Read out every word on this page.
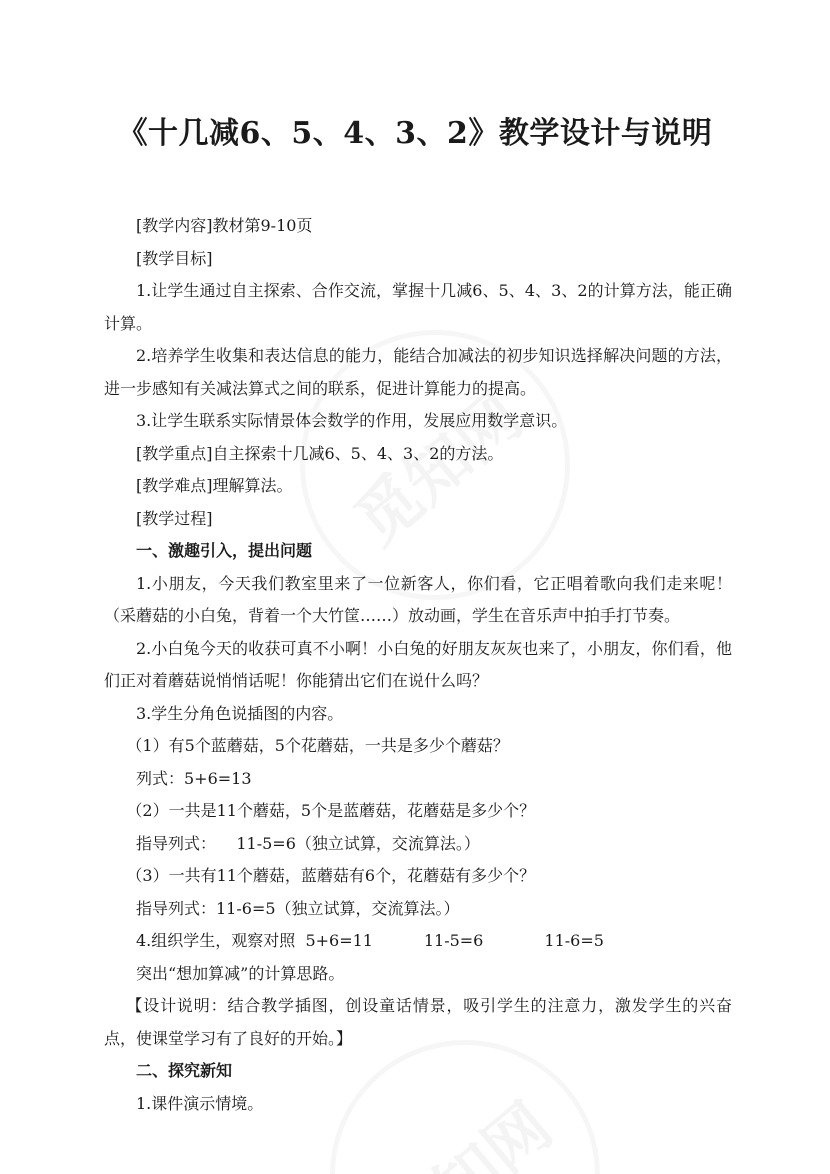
《十几减6、5、4、3、2》教学设计与说明

[教学内容]教材第9-10页

[教学目标]

1.让学生通过自主探索、合作交流，掌握十几减6、5、4、3、2的计算方法，能正确计算。

2.培养学生收集和表达信息的能力，能结合加减法的初步知识选择解决问题的方法，进一步感知有关减法算式之间的联系，促进计算能力的提高。

3.让学生联系实际情景体会数学的作用，发展应用数学意识。

[教学重点]自主探索十几减6、5、4、3、2的方法。

[教学难点]理解算法。

[教学过程]

一、激趣引入，提出问题

1.小朋友，今天我们教室里来了一位新客人，你们看，它正唱着歌向我们走来呢！（采蘑菇的小白兔，背着一个大竹筐……）放动画，学生在音乐声中拍手打节奏。

2.小白兔今天的收获可真不小啊！小白兔的好朋友灰灰也来了，小朋友，你们看，他们正对着蘑菇说悄悄话呢！你能猜出它们在说什么吗？

3.学生分角色说插图的内容。

（1）有5个蓝蘑菇，5个花蘑菇，一共是多少个蘑菇？

列式：5+6=13

（2）一共是11个蘑菇，5个是蓝蘑菇，花蘑菇是多少个？

指导列式：    11-5=6（独立试算，交流算法。）

（3）一共有11个蘑菇，蓝蘑菇有6个，花蘑菇有多少个？

指导列式：11-6=5（独立试算，交流算法。）

4.组织学生，观察对照  5+6=11          11-5=6            11-6=5

突出“想加算减”的计算思路。

【设计说明：结合教学插图，创设童话情景，吸引学生的注意力，激发学生的兴奋点，使课堂学习有了良好的开始。】

二、探究新知

1.课件演示情境。
